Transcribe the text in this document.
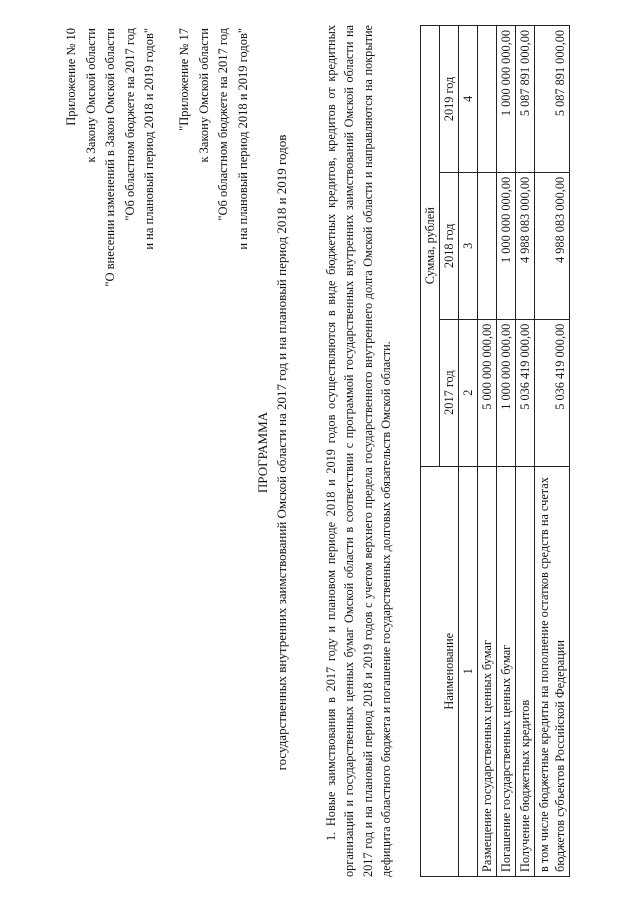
Приложение № 10 к Закону Омской области "О внесении изменений в Закон Омской области "Об областном бюджете на 2017 год и на плановый период 2018 и 2019 годов" "Приложение № 17 к Закону Омской области "Об областном бюджете на 2017 год и на плановый период 2018 и 2019 годов"
ПРОГРАММА государственных внутренних заимствований Омской области на 2017 год и на плановый период 2018 и 2019 годов	1. Новые заимствования в 2017 году и плановом периоде 2018 и 2019 годов осуществляются в виде бюджетных кредитов, кредитов от кредитных организаций и государственных ценных бумаг Омской области в соответствии с программой государственных внутренних заимствований Омской области на 2017 год и на плановый период 2018 и 2019 годов с учетом верхнего предела государственного внутреннего долга Омской области и направляются на покрытие дефицита областного бюджета и погашение государственных долговых обязательств Омской области.	Наименование	Сумма, рублей		
	2017 год	2018 год	2019 год
1	2	3	4
Размещение государственных ценных бумаг	5 000 000 000,00		
Погашение государственных ценных бумаг	1 000 000 000,00	1 000 000 000,00	1 000 000 000,00
Получение бюджетных кредитов	5 036 419 000,00	4 988 083 000,00	5 087 891 000,00
в том числе бюджетные кредиты на пополнение остатков средств на счетах бюджетов субъектов Российской Федерации	5 036 419 000,00	4 988 083 000,00	5 087 891 000,00
